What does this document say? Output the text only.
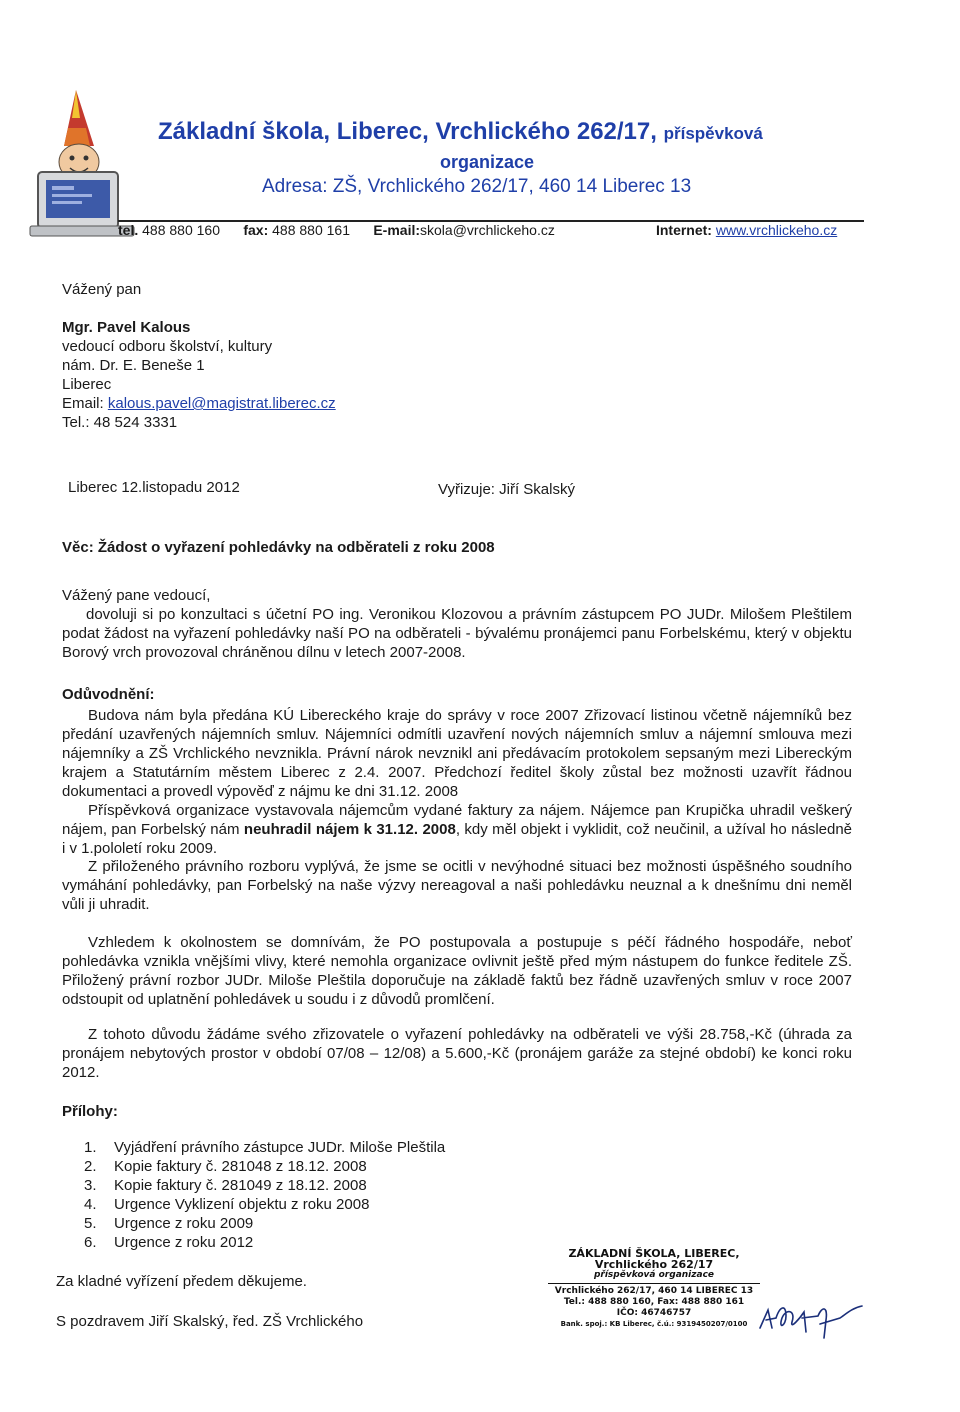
Základní škola, Liberec, Vrchlického 262/17, příspěvková
organizace
Adresa: ZŠ, Vrchlického 262/17, 460 14 Liberec 13
tel. 488 880 160 fax: 488 880 161 E-mail:skola@vrchlickeho.cz	Internet: www.vrchlickeho.cz
Vážený pan
Mgr. Pavel Kalous
vedoucí odboru školství, kultury
nám. Dr. E. Beneše 1
Liberec
Email: kalous.pavel@magistrat.liberec.cz
Tel.: 48 524 3331
Liberec 12.listopadu 2012	Vyřizuje: Jiří Skalský
Věc: Žádost o vyřazení pohledávky na odběrateli z roku 2008
Vážený pane vedoucí,

dovoluji si po konzultaci s účetní PO ing. Veronikou Klozovou a právním zástupcem PO JUDr. Milošem Pleštilem podat žádost na vyřazení pohledávky naší PO na odběrateli - bývalému pronájemci panu Forbelskému, který v objektu Borový vrch provozoval chráněnou dílnu v letech 2007-2008.

Odůvodnění:

Budova nám byla předána KÚ Libereckého kraje do správy v roce 2007 Zřizovací listinou včetně nájemníků bez předání uzavřených nájemních smluv. Nájemníci odmítli uzavření nových nájemních smluv a nájemní smlouva mezi nájemníky a ZŠ Vrchlického nevznikla. Právní nárok nevznikl ani předávacím protokolem sepsaným mezi Libereckým krajem a Statutárním městem Liberec z 2.4. 2007. Předchozí ředitel školy zůstal bez možnosti uzavřít řádnou dokumentaci a provedl výpověď z nájmu ke dni 31.12. 2008

Příspěvková organizace vystavovala nájemcům vydané faktury za nájem. Nájemce pan Krupička uhradil veškerý nájem, pan Forbelský nám neuhradil nájem k 31.12. 2008, kdy měl objekt i vyklidit, což neučinil, a užíval ho následně i v 1.pololetí roku 2009.

Z přiloženého právního rozboru vyplývá, že jsme se ocitli v nevýhodné situaci bez možnosti úspěšného soudního vymáhání pohledávky, pan Forbelský na naše výzvy nereagoval a naši pohledávku neuznal a k dnešnímu dni neměl vůli ji uhradit.

Vzhledem k okolnostem se domnívám, že PO postupovala a postupuje s péčí řádného hospodáře, neboť pohledávka vznikla vnějšími vlivy, které nemohla organizace ovlivnit ještě před mým nástupem do funkce ředitele ZŠ. Přiložený právní rozbor JUDr. Miloše Pleštila doporučuje na základě faktů bez řádně uzavřených smluv v roce 2007 odstoupit od uplatnění pohledávek u soudu i z důvodů promlčení.

Z tohoto důvodu žádáme svého zřizovatele o vyřazení pohledávky na odběrateli ve výši 28.758,-Kč (úhrada za pronájem nebytových prostor v období 07/08 – 12/08) a 5.600,-Kč (pronájem garáže za stejné období) ke konci roku 2012.

Přílohy:
1. Vyjádření právního zástupce JUDr. Miloše Pleštila
2. Kopie faktury č. 281048 z 18.12. 2008
3. Kopie faktury č. 281049 z 18.12. 2008
4. Urgence Vyklizení objektu z roku 2008
5. Urgence z roku 2009
6. Urgence z roku 2012
Za kladné vyřízení předem děkujeme.
S pozdravem Jiří Skalský, řed. ZŠ Vrchlického
ZÁKLADNÍ ŠKOLA, LIBEREC, Vrchlického 262/17
příspěvková organizace
Vrchlického 262/17, 460 14 LIBEREC 13
Tel.: 488 880 160, Fax: 488 880 161
IČO: 46746757
Bank. spoj.: KB Liberec, č.ú.: 9319450207/0100
